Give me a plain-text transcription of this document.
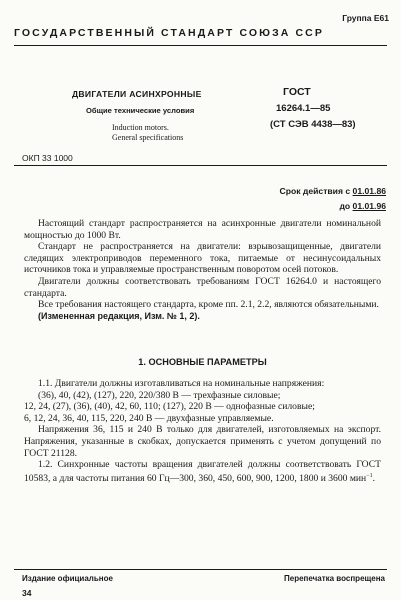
Группа Е61
ГОСУДАРСТВЕННЫЙ СТАНДАРТ СОЮЗА ССР
ДВИГАТЕЛИ АСИНХРОННЫЕ
Общие технические условия
Induction motors.
General specifications
ГОСТ
16264.1—85
(СТ СЭВ 4438—83)
ОКП 33 1000
Срок действия с 01.01.86
до 01.01.96

Настоящий стандарт распространяется на асинхронные двигатели номинальной мощностью до 1000 Вт.

Стандарт не распространяется на двигатели: взрывозащищенные, двигатели следящих электроприводов переменного тока, питаемые от несинусоидальных источников тока и управляемые пространственным поворотом осей потоков.

Двигатели должны соответствовать требованиям ГОСТ 16264.0 и настоящего стандарта.

Все требования настоящего стандарта, кроме пп. 2.1, 2.2, являются обязательными.

(Измененная редакция, Изм. № 1, 2).

1. ОСНОВНЫЕ ПАРАМЕТРЫ

1.1. Двигатели должны изготавливаться на номинальные напряжения:

(36), 40, (42), (127), 220, 220/380 В — трехфазные силовые;

12, 24, (27), (36), (40), 42, 60, 110; (127), 220 В — однофазные силовые;

6, 12, 24, 36, 40, 115, 220, 240 В — двухфазные управляемые.

Напряжения 36, 115 и 240 В только для двигателей, изготовляемых на экспорт. Напряжения, указанные в скобках, допускается применять с учетом допущений по ГОСТ 21128.

1.2. Синхронные частоты вращения двигателей должны соответствовать ГОСТ 10583, а для частоты питания 60 Гц—300, 360, 450, 600, 900, 1200, 1800 и 3600 мин$^{-1}$.

Издание официальное	Перепечатка воспрещена
34
